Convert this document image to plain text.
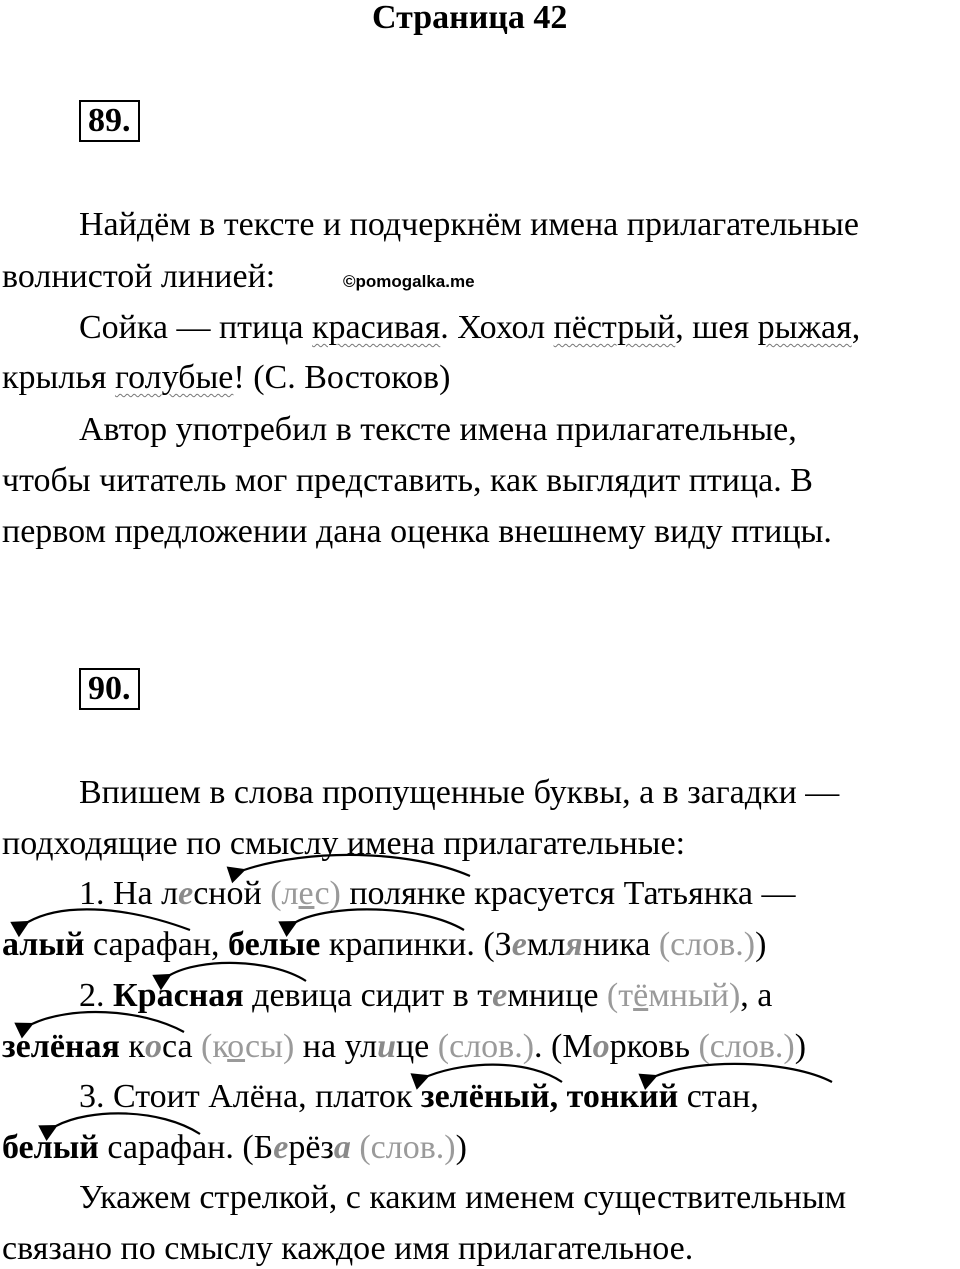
Страница 42
89.
Найдём в тексте и подчеркнём имена прилагательные
волнистой линией:	©pomogalka.me
Сойка — птица красивая. Хохол пёстрый, шея рыжая,
крылья голубые! (С. Востоков)
Автор употребил в тексте имена прилагательные,
чтобы читатель мог представить, как выглядит птица. В
первом предложении дана оценка внешнему виду птицы.
90.
Впишем в слова пропущенные буквы, а в загадки —
подходящие по смыслу имена прилагательные:
1. На лесной (лес) полянке красуется Татьянка —
алый сарафан, белые крапинки. (Земляника (слов.))
2. Красная девица сидит в темнице (тёмный), а
зелёная коса (косы) на улице (слов.). (Морковь (слов.))
3. Стоит Алёна, платок зелёный, тонкий стан,
белый сарафан. (Берёза (слов.))
Укажем стрелкой, с каким именем существительным
связано по смыслу каждое имя прилагательное.
